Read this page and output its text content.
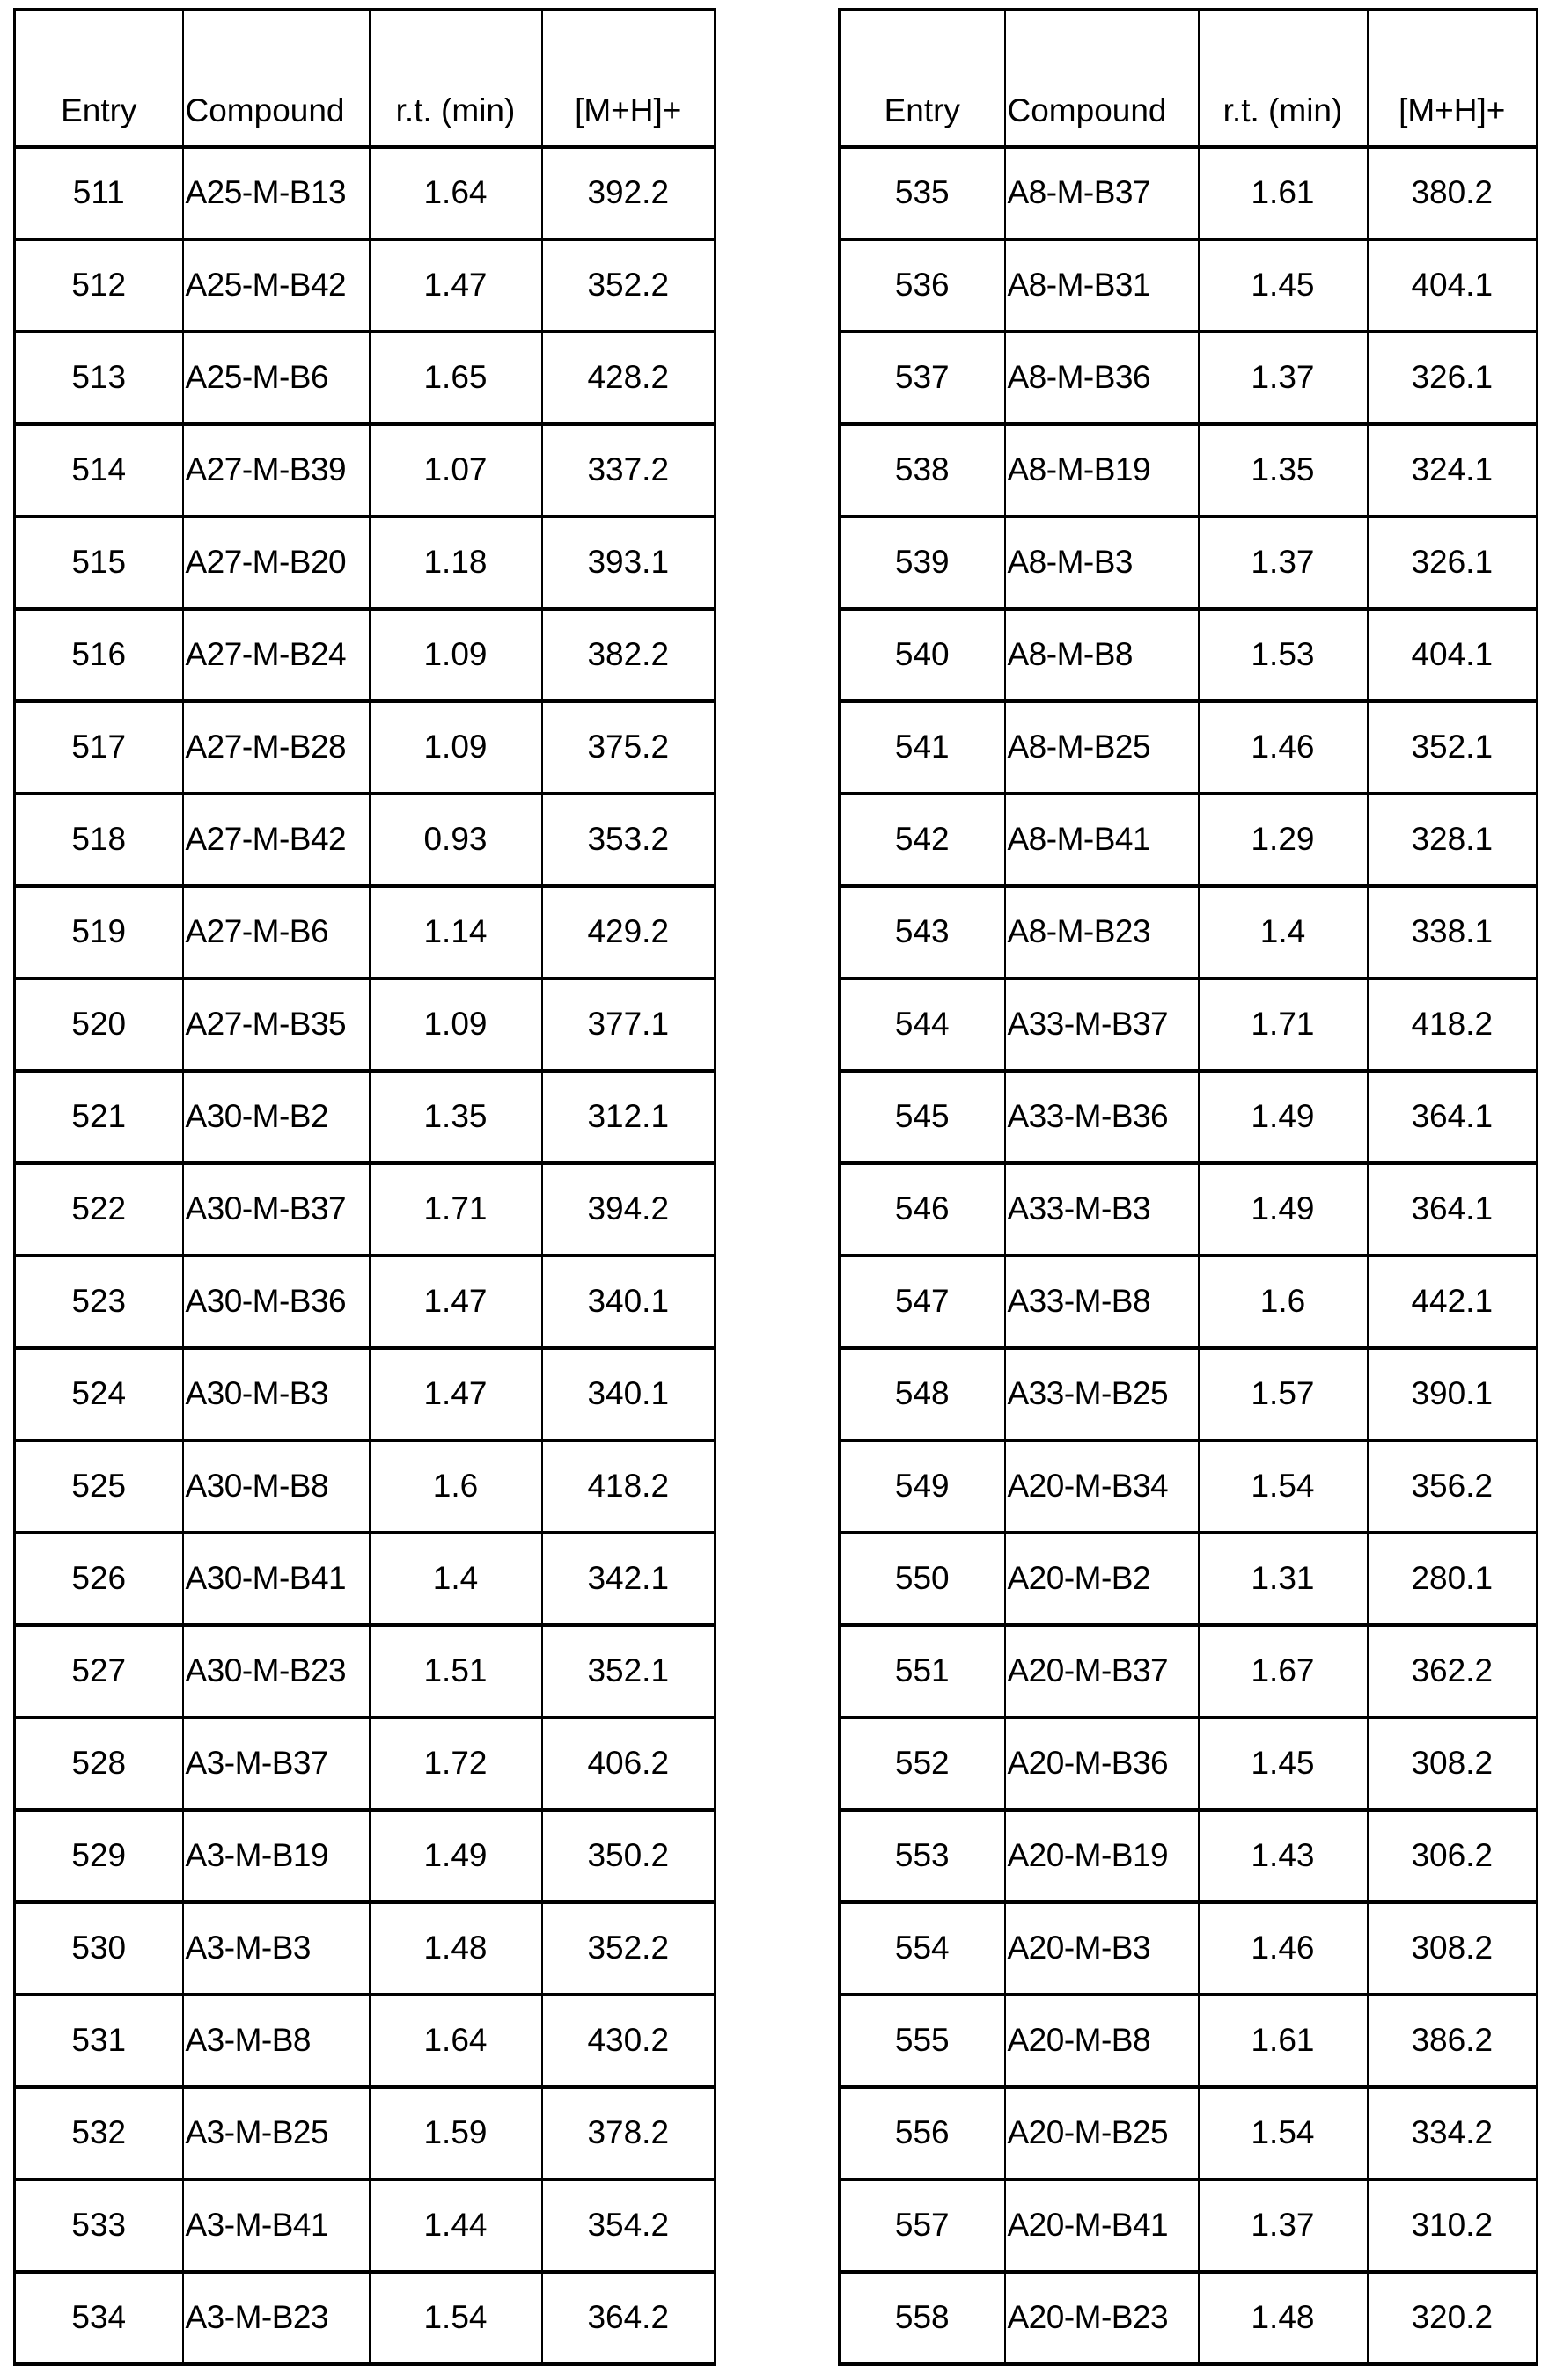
Entry	Compound	r.t. (min)	[M+H]+
511	A25-M-B13	1.64	392.2
512	A25-M-B42	1.47	352.2
513	A25-M-B6	1.65	428.2
514	A27-M-B39	1.07	337.2
515	A27-M-B20	1.18	393.1
516	A27-M-B24	1.09	382.2
517	A27-M-B28	1.09	375.2
518	A27-M-B42	0.93	353.2
519	A27-M-B6	1.14	429.2
520	A27-M-B35	1.09	377.1
521	A30-M-B2	1.35	312.1
522	A30-M-B37	1.71	394.2
523	A30-M-B36	1.47	340.1
524	A30-M-B3	1.47	340.1
525	A30-M-B8	1.6	418.2
526	A30-M-B41	1.4	342.1
527	A30-M-B23	1.51	352.1
528	A3-M-B37	1.72	406.2
529	A3-M-B19	1.49	350.2
530	A3-M-B3	1.48	352.2
531	A3-M-B8	1.64	430.2
532	A3-M-B25	1.59	378.2
533	A3-M-B41	1.44	354.2
534	A3-M-B23	1.54	364.2
Entry	Compound	r.t. (min)	[M+H]+
535	A8-M-B37	1.61	380.2
536	A8-M-B31	1.45	404.1
537	A8-M-B36	1.37	326.1
538	A8-M-B19	1.35	324.1
539	A8-M-B3	1.37	326.1
540	A8-M-B8	1.53	404.1
541	A8-M-B25	1.46	352.1
542	A8-M-B41	1.29	328.1
543	A8-M-B23	1.4	338.1
544	A33-M-B37	1.71	418.2
545	A33-M-B36	1.49	364.1
546	A33-M-B3	1.49	364.1
547	A33-M-B8	1.6	442.1
548	A33-M-B25	1.57	390.1
549	A20-M-B34	1.54	356.2
550	A20-M-B2	1.31	280.1
551	A20-M-B37	1.67	362.2
552	A20-M-B36	1.45	308.2
553	A20-M-B19	1.43	306.2
554	A20-M-B3	1.46	308.2
555	A20-M-B8	1.61	386.2
556	A20-M-B25	1.54	334.2
557	A20-M-B41	1.37	310.2
558	A20-M-B23	1.48	320.2
